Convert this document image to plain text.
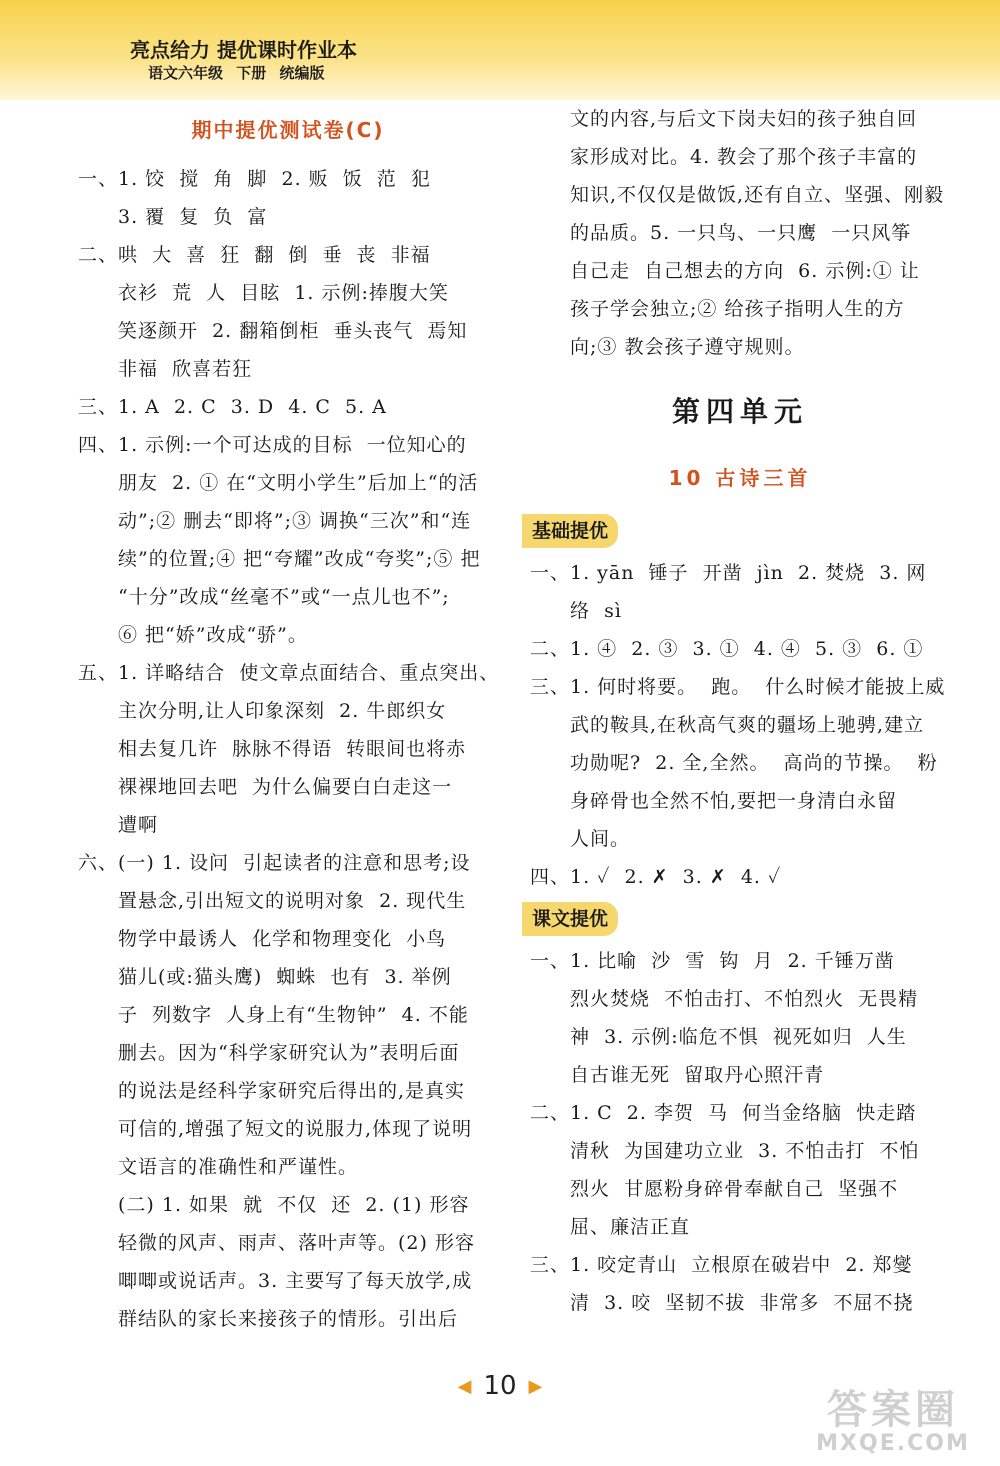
亮点给力 提优课时作业本
语文六年级 下册 统编版
期中提优测试卷(C)
一、1. 饺  搅  角  脚  2. 贩  饭  范  犯
3. 覆  复  负  富
二、哄  大  喜  狂  翻  倒  垂  丧  非福
衣衫  荒  人  目眩  1. 示例:捧腹大笑
笑逐颜开  2. 翻箱倒柜  垂头丧气  焉知
非福  欣喜若狂
三、1. A  2. C  3. D  4. C  5. A
四、1. 示例:一个可达成的目标  一位知心的
朋友  2. ① 在“文明小学生”后加上“的活
动”;② 删去“即将”;③ 调换“三次”和“连
续”的位置;④ 把“夸耀”改成“夸奖”;⑤ 把
“十分”改成“丝毫不”或“一点儿也不”;
⑥ 把“娇”改成“骄”。
五、1. 详略结合  使文章点面结合、重点突出、
主次分明,让人印象深刻  2. 牛郎织女
相去复几许  脉脉不得语  转眼间也将赤
裸裸地回去吧  为什么偏要白白走这一
遭啊
六、(一) 1. 设问  引起读者的注意和思考;设
置悬念,引出短文的说明对象  2. 现代生
物学中最诱人  化学和物理变化  小鸟
猫儿(或:猫头鹰)  蜘蛛  也有  3. 举例
子  列数字  人身上有“生物钟”  4. 不能
删去。因为“科学家研究认为”表明后面
的说法是经科学家研究后得出的,是真实
可信的,增强了短文的说服力,体现了说明
文语言的准确性和严谨性。
(二) 1. 如果  就  不仅  还  2. (1) 形容
轻微的风声、雨声、落叶声等。(2) 形容
唧唧或说话声。3. 主要写了每天放学,成
群结队的家长来接孩子的情形。引出后
文的内容,与后文下岗夫妇的孩子独自回
家形成对比。4. 教会了那个孩子丰富的
知识,不仅仅是做饭,还有自立、坚强、刚毅
的品质。5. 一只鸟、一只鹰  一只风筝
自己走  自己想去的方向  6. 示例:① 让
孩子学会独立;② 给孩子指明人生的方
向;③ 教会孩子遵守规则。
第四单元
10 古诗三首
基础提优
一、1. yān  锤子  开凿  jìn  2. 焚烧  3. 网
络  sì
二、1. ④  2. ③  3. ①  4. ④  5. ③  6. ①
三、1. 何时将要。  跑。  什么时候才能披上威
武的鞍具,在秋高气爽的疆场上驰骋,建立
功勋呢?  2. 全,全然。  高尚的节操。  粉
身碎骨也全然不怕,要把一身清白永留
人间。
四、1. ✓  2. ✗  3. ✗  4. ✓
课文提优
一、1. 比喻  沙  雪  钩  月  2. 千锤万凿
烈火焚烧  不怕击打、不怕烈火  无畏精
神  3. 示例:临危不惧  视死如归  人生
自古谁无死  留取丹心照汗青
二、1. C  2. 李贺  马  何当金络脑  快走踏
清秋  为国建功立业  3. 不怕击打  不怕
烈火  甘愿粉身碎骨奉献自己  坚强不
屈、廉洁正直
三、1. 咬定青山  立根原在破岩中  2. 郑燮
清  3. 咬  坚韧不拔  非常多  不屈不挠
◀ 10 ▶
答案圈
MXQE.COM
